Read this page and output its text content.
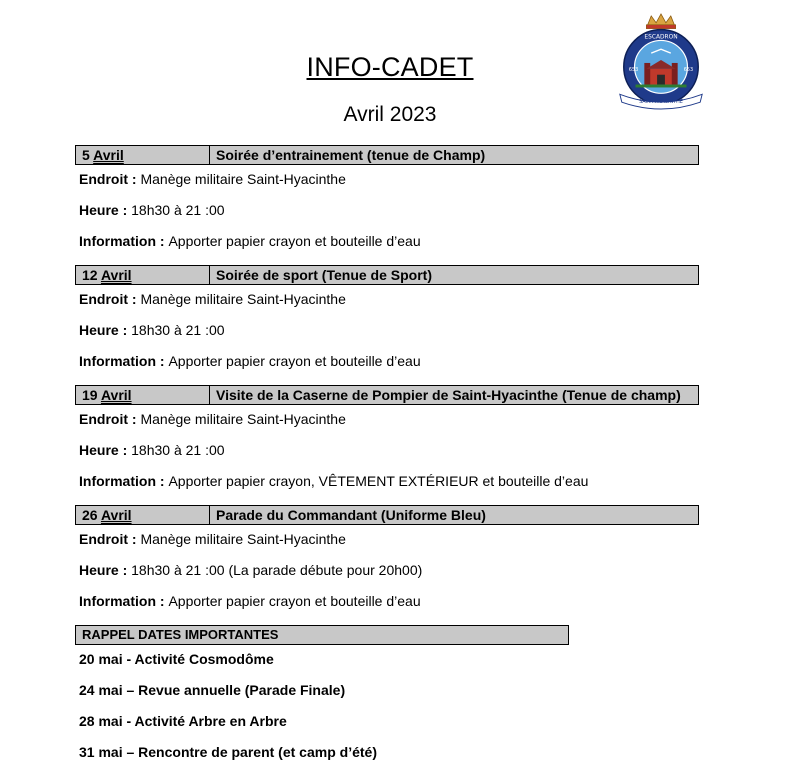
INFO-CADET
Avril 2023
ESCADRON
653	653
SAINT-HYACINTHE
5 Avril	Soirée d’entrainement (tenue de Champ)
Endroit : Manège militaire Saint-Hyacinthe
Heure : 18h30 à 21 :00
Information : Apporter papier crayon et bouteille d’eau
12 Avril	Soirée de sport (Tenue de Sport)
Endroit : Manège militaire Saint-Hyacinthe
Heure : 18h30 à 21 :00
Information : Apporter papier crayon et bouteille d’eau
19 Avril	Visite de la Caserne de Pompier de Saint-Hyacinthe (Tenue de champ)
Endroit : Manège militaire Saint-Hyacinthe
Heure : 18h30 à 21 :00
Information : Apporter papier crayon, VÊTEMENT EXTÉRIEUR et bouteille d’eau
26 Avril	Parade du Commandant (Uniforme Bleu)
Endroit : Manège militaire Saint-Hyacinthe
Heure : 18h30 à 21 :00 (La parade débute pour 20h00)
Information : Apporter papier crayon et bouteille d’eau
RAPPEL DATES IMPORTANTES
20 mai - Activité Cosmodôme
24 mai – Revue annuelle (Parade Finale)
28 mai - Activité Arbre en Arbre
31 mai – Rencontre de parent (et camp d’été)
